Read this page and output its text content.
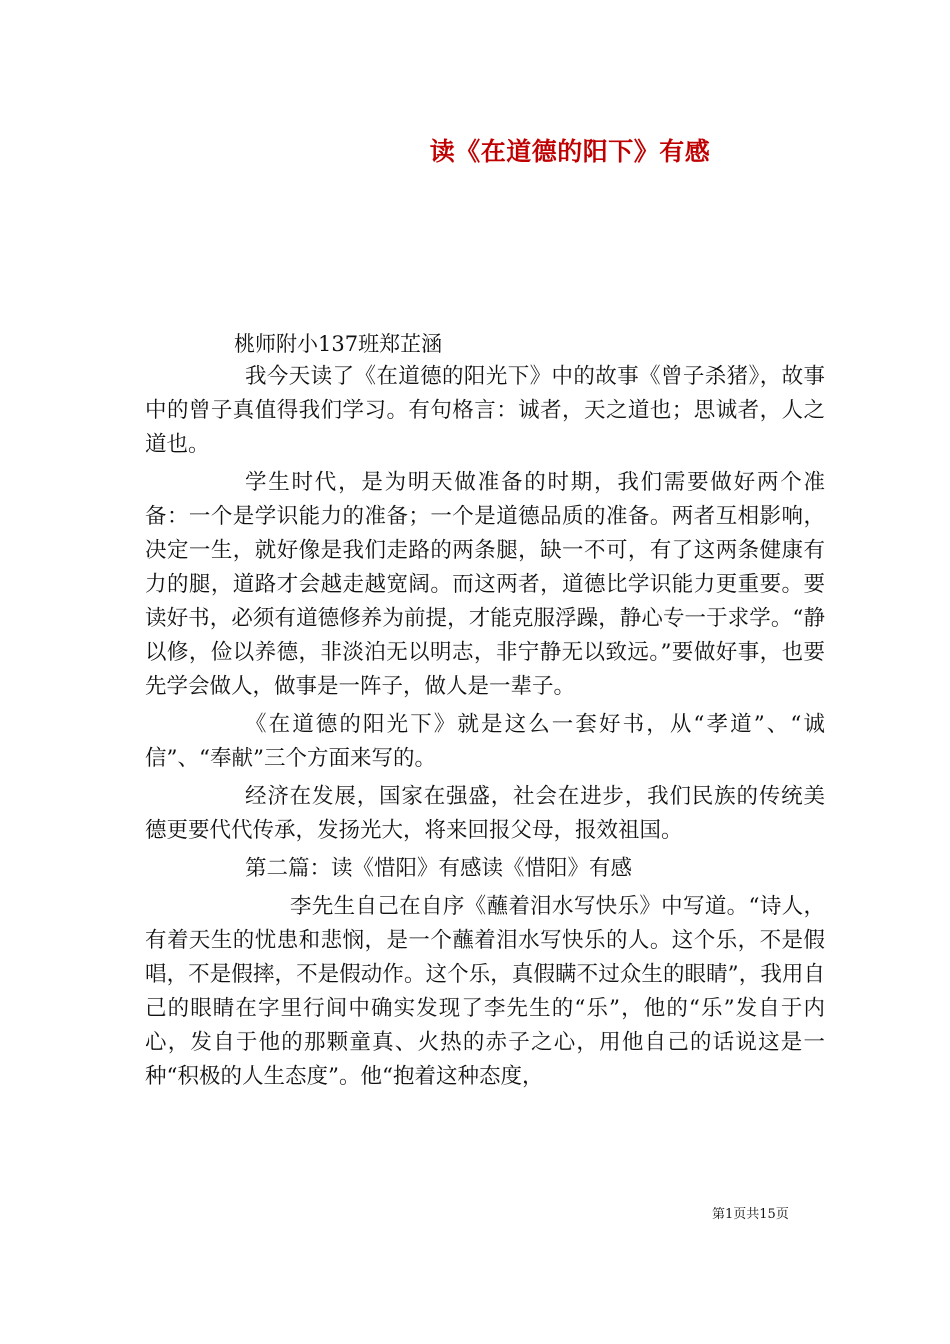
读《在道德的阳下》有感
桃师附小137班郑芷涵

我今天读了《在道德的阳光下》中的故事《曾子杀猪》，故事中的曾子真值得我们学习。有句格言：诚者，天之道也；思诚者，人之道也。

学生时代，是为明天做准备的时期，我们需要做好两个准备：一个是学识能力的准备；一个是道德品质的准备。两者互相影响，决定一生，就好像是我们走路的两条腿，缺一不可，有了这两条健康有力的腿，道路才会越走越宽阔。而这两者，道德比学识能力更重要。要读好书，必须有道德修养为前提，才能克服浮躁，静心专一于求学。“静以修，俭以养德，非淡泊无以明志，非宁静无以致远。”要做好事，也要先学会做人，做事是一阵子，做人是一辈子。

《在道德的阳光下》就是这么一套好书，从“孝道”、“诚信”、“奉献”三个方面来写的。

经济在发展，国家在强盛，社会在进步，我们民族的传统美德更要代代传承，发扬光大，将来回报父母，报效祖国。

第二篇：读《惜阳》有感读《惜阳》有感

李先生自己在自序《蘸着泪水写快乐》中写道。“诗人，有着天生的忧患和悲悯，是一个蘸着泪水写快乐的人。这个乐，不是假唱，不是假摔，不是假动作。这个乐，真假瞒不过众生的眼睛”，我用自己的眼睛在字里行间中确实发现了李先生的“乐”，他的“乐”发自于内心，发自于他的那颗童真、火热的赤子之心，用他自己的话说这是一种“积极的人生态度”。他“抱着这种态度，

第1页共15页
